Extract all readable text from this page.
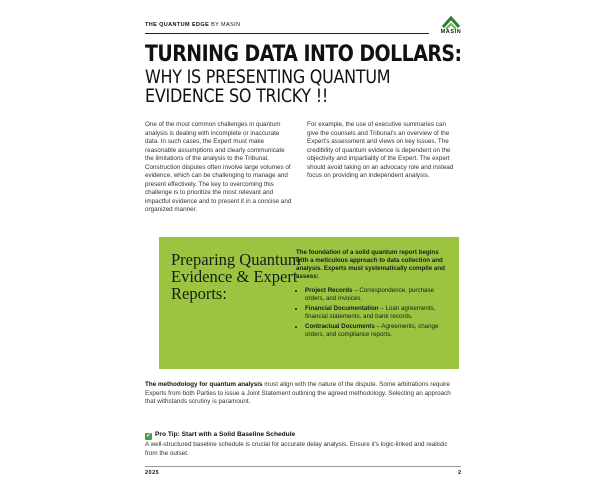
THE QUANTUM EDGE BY MASIN
MASIN
TURNING DATA INTO DOLLARS:
WHY IS PRESENTING QUANTUM
EVIDENCE SO TRICKY !!
One of the most common challenges in quantum analysis is dealing with incomplete or inaccurate data. In such cases, the Expert must make reasonable assumptions and clearly communicate the limitations of the analysis to the Tribunal. Construction disputes often involve large volumes of evidence, which can be challenging to manage and present effectively. The key to overcoming this challenge is to prioritize the most relevant and impactful evidence and to present it in a concise and organized manner.
For example, the use of executive summaries can give the counsels and Tribunal's an overview of the Expert's assessment and views on key issues. The credibility of quantum evidence is dependent on the objectivity and impartiality of the Expert. The expert should avoid taking on an advocacy role and instead focus on providing an independent analysis.
Preparing Quantum Evidence & Expert Reports:

The foundation of a solid quantum report begins with a meticulous approach to data collection and analysis. Experts must systematically compile and assess:

• Project Records – Correspondence, purchase orders, and invoices.
• Financial Documentation – Loan agreements, financial statements, and bank records.
• Contractual Documents – Agreements, change orders, and compliance reports.
The methodology for quantum analysis must align with the nature of the dispute. Some arbitrations require Experts from both Parties to issue a Joint Statement outlining the agreed methodology. Selecting an approach that withstands scrutiny is paramount.
✓ Pro Tip: Start with a Solid Baseline Schedule
A well-structured baseline schedule is crucial for accurate delay analysis. Ensure it's logic-linked and realistic from the outset.
2025	2
